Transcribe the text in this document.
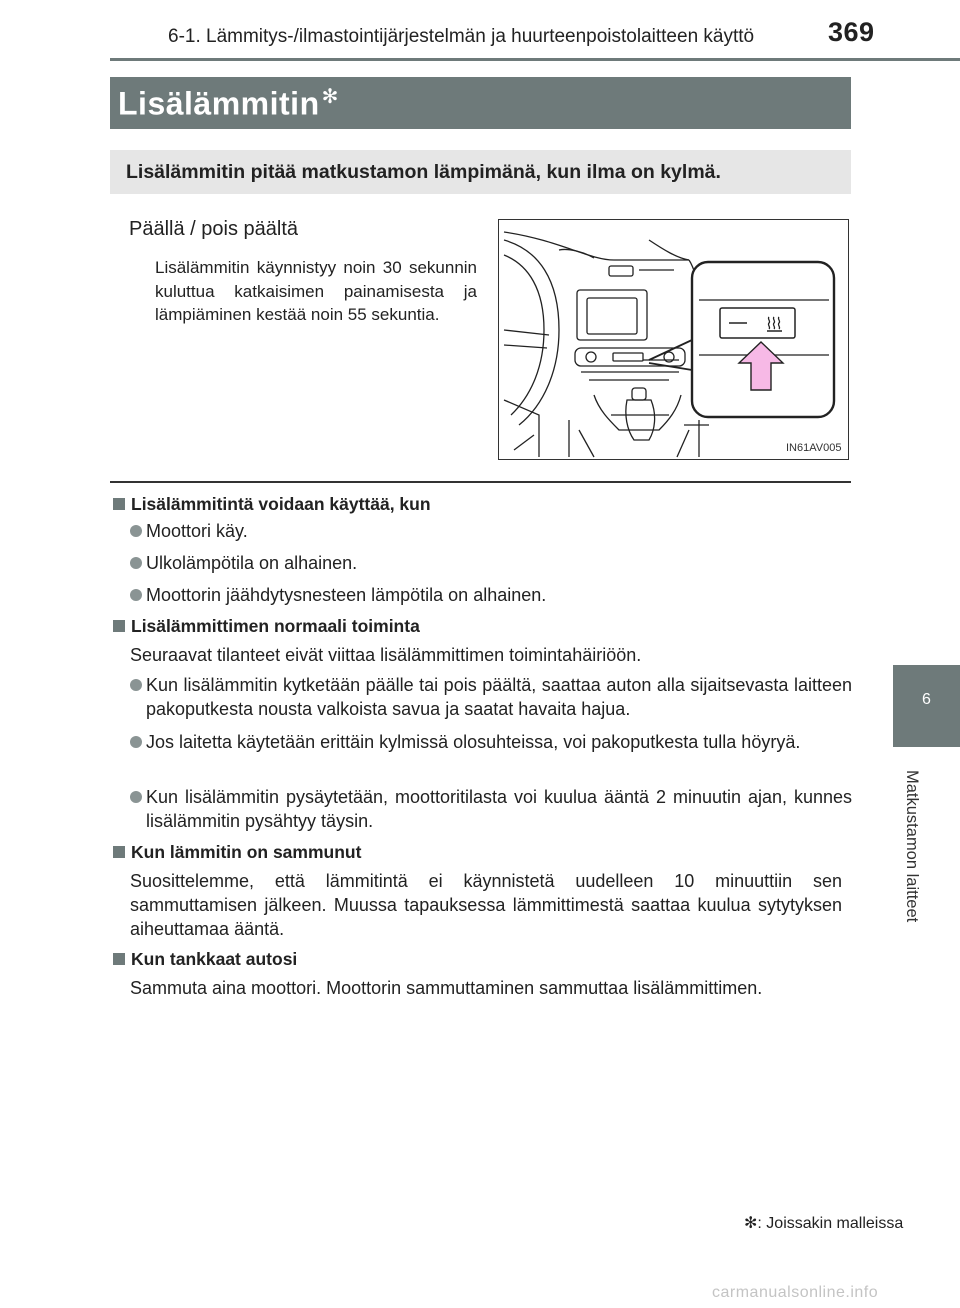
6-1. Lämmitys-/ilmastointijärjestelmän ja huurteenpoistolaitteen käyttö	369
6
Matkustamon laitteet
Lisälämmitin ✻
Lisälämmitin pitää matkustamon lämpimänä, kun ilma on kylmä.
Päällä / pois päältä
Lisälämmitin käynnistyy noin 30 sekunnin kuluttua katkaisimen painamisesta ja lämpiäminen kestää noin 55 sekuntia.
IN61AV005
Lisälämmitintä voidaan käyttää, kun
Moottori käy.
Ulkolämpötila on alhainen.
Moottorin jäähdytysnesteen lämpötila on alhainen.
Lisälämmittimen normaali toiminta
Seuraavat tilanteet eivät viittaa lisälämmittimen toimintahäiriöön.
Kun lisälämmitin kytketään päälle tai pois päältä, saattaa auton alla sijaitsevasta laitteen pakoputkesta nousta valkoista savua ja saatat havaita hajua.
Jos laitetta käytetään erittäin kylmissä olosuhteissa, voi pakoputkesta tulla höyryä.
Kun lisälämmitin pysäytetään, moottoritilasta voi kuulua ääntä 2 minuutin ajan, kunnes lisälämmitin pysähtyy täysin.
Kun lämmitin on sammunut
Suosittelemme, että lämmitintä ei käynnistetä uudelleen 10 minuuttiin sen sammuttamisen jälkeen. Muussa tapauksessa lämmittimestä saattaa kuulua sytytyksen aiheuttamaa ääntä.
Kun tankkaat autosi
Sammuta aina moottori. Moottorin sammuttaminen sammuttaa lisälämmittimen.
✻: Joissakin malleissa
carmanualsonline.info
